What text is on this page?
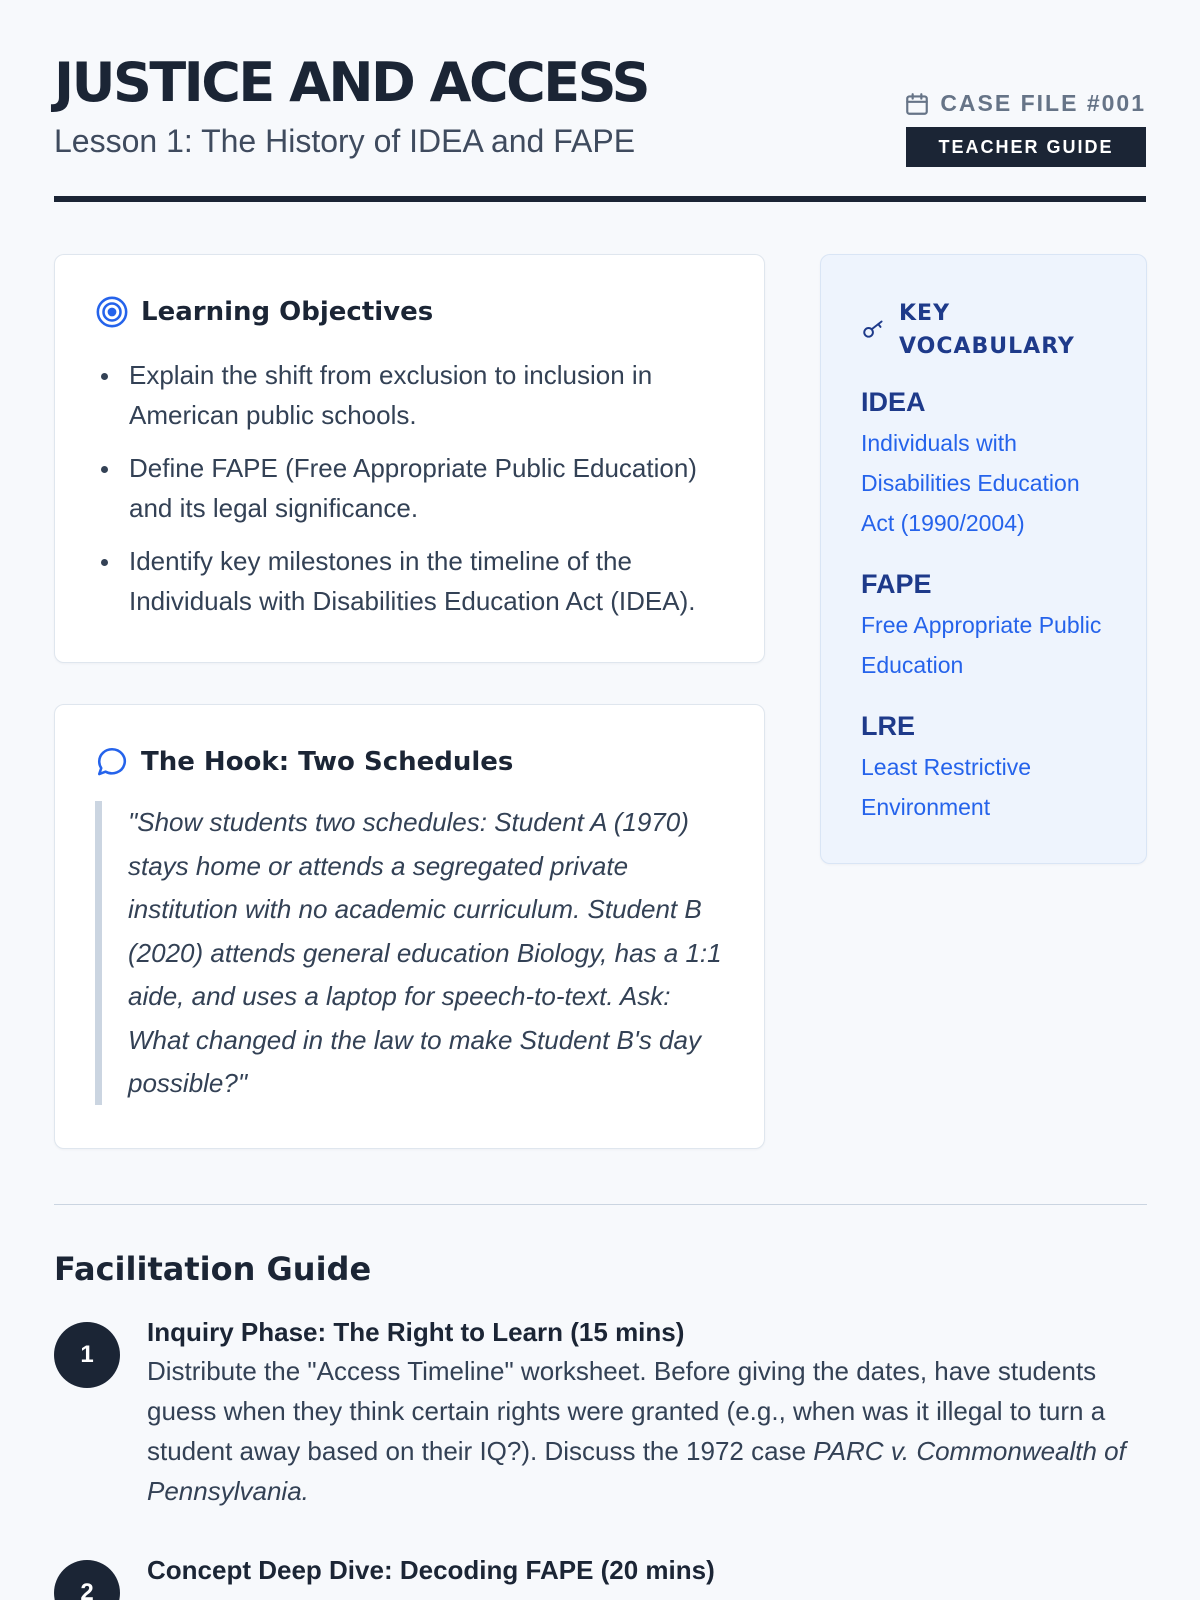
JUSTICE AND ACCESS
Lesson 1: The History of IDEA and FAPE
CASE FILE #001
TEACHER GUIDE
Learning Objectives
Explain the shift from exclusion to inclusion in American public schools.
Define FAPE (Free Appropriate Public Education) and its legal significance.
Identify key milestones in the timeline of the Individuals with Disabilities Education Act (IDEA).
The Hook: Two Schedules
"Show students two schedules: Student A (1970) stays home or attends a segregated private institution with no academic curriculum. Student B (2020) attends general education Biology, has a 1:1 aide, and uses a laptop for speech-to-text. Ask: What changed in the law to make Student B's day possible?"
KEY
VOCABULARY
IDEA
Individuals with Disabilities Education Act (1990/2004)
FAPE
Free Appropriate Public Education
LRE
Least Restrictive Environment
Facilitation Guide
1
Inquiry Phase: The Right to Learn (15 mins)
Distribute the "Access Timeline" worksheet. Before giving the dates, have students guess when they think certain rights were granted (e.g., when was it illegal to turn a student away based on their IQ?). Discuss the 1972 case PARC v. Commonwealth of Pennsylvania.
2
Concept Deep Dive: Decoding FAPE (20 mins)
